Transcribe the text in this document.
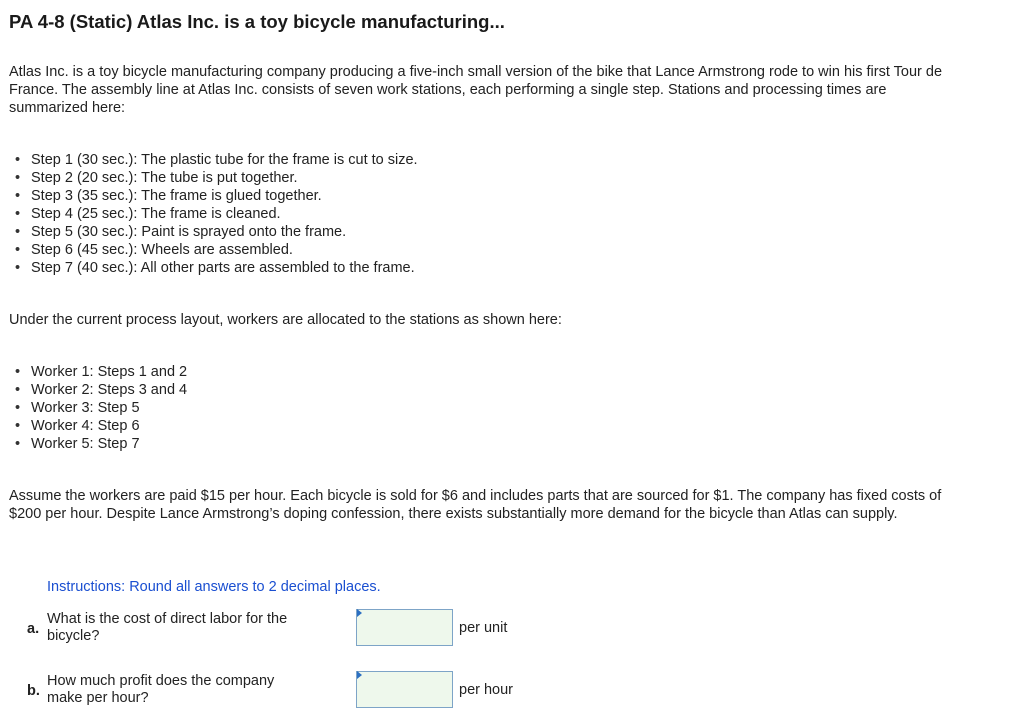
PA 4-8 (Static) Atlas Inc. is a toy bicycle manufacturing...

Atlas Inc. is a toy bicycle manufacturing company producing a five-inch small version of the bike that Lance Armstrong rode to win his first Tour de France. The assembly line at Atlas Inc. consists of seven work stations, each performing a single step. Stations and processing times are summarized here:

• Step 1 (30 sec.): The plastic tube for the frame is cut to size.
• Step 2 (20 sec.): The tube is put together.
• Step 3 (35 sec.): The frame is glued together.
• Step 4 (25 sec.): The frame is cleaned.
• Step 5 (30 sec.): Paint is sprayed onto the frame.
• Step 6 (45 sec.): Wheels are assembled.
• Step 7 (40 sec.): All other parts are assembled to the frame.

Under the current process layout, workers are allocated to the stations as shown here:

• Worker 1: Steps 1 and 2
• Worker 2: Steps 3 and 4
• Worker 3: Step 5
• Worker 4: Step 6
• Worker 5: Step 7

Assume the workers are paid $15 per hour. Each bicycle is sold for $6 and includes parts that are sourced for $1. The company has fixed costs of $200 per hour. Despite Lance Armstrong’s doping confession, there exists substantially more demand for the bicycle than Atlas can supply.

Instructions: Round all answers to 2 decimal places.
a.
What is the cost of direct labor for the bicycle?	per unit
b.
How much profit does the company make per hour?	per hour
